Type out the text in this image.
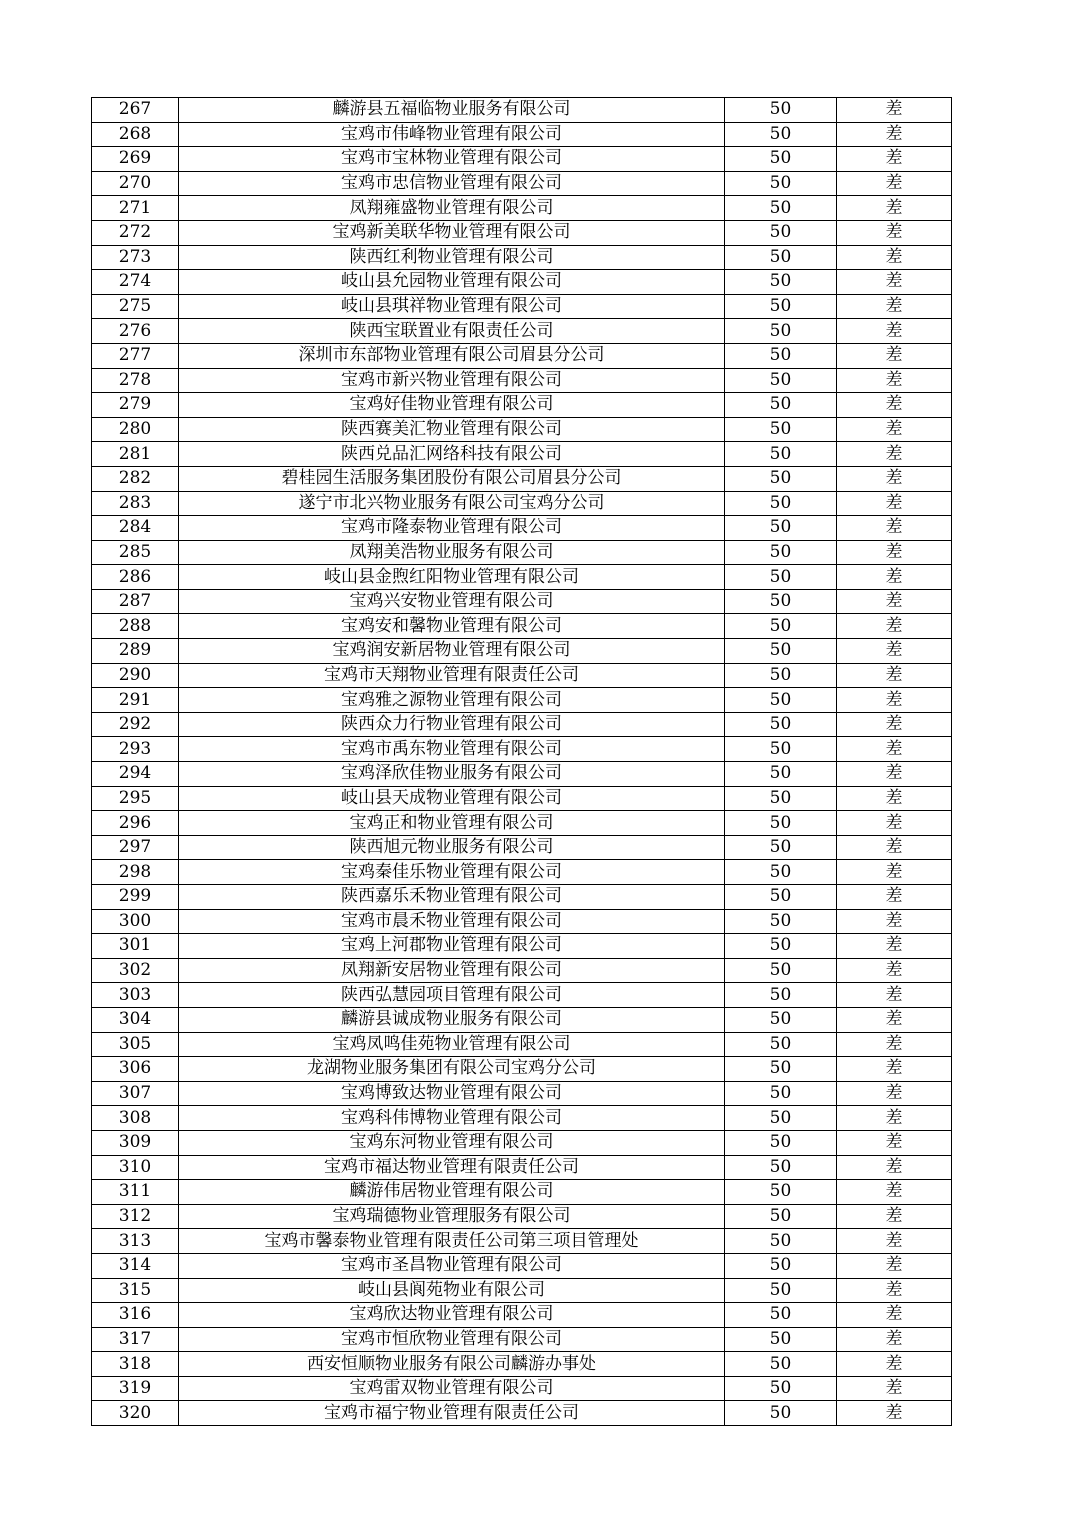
267	麟游县五福临物业服务有限公司	50	差
268	宝鸡市伟峰物业管理有限公司	50	差
269	宝鸡市宝林物业管理有限公司	50	差
270	宝鸡市忠信物业管理有限公司	50	差
271	凤翔雍盛物业管理有限公司	50	差
272	宝鸡新美联华物业管理有限公司	50	差
273	陕西红利物业管理有限公司	50	差
274	岐山县允园物业管理有限公司	50	差
275	岐山县琪祥物业管理有限公司	50	差
276	陕西宝联置业有限责任公司	50	差
277	深圳市东部物业管理有限公司眉县分公司	50	差
278	宝鸡市新兴物业管理有限公司	50	差
279	宝鸡好佳物业管理有限公司	50	差
280	陕西赛美汇物业管理有限公司	50	差
281	陕西兑品汇网络科技有限公司	50	差
282	碧桂园生活服务集团股份有限公司眉县分公司	50	差
283	遂宁市北兴物业服务有限公司宝鸡分公司	50	差
284	宝鸡市隆泰物业管理有限公司	50	差
285	凤翔美浩物业服务有限公司	50	差
286	岐山县金煦红阳物业管理有限公司	50	差
287	宝鸡兴安物业管理有限公司	50	差
288	宝鸡安和馨物业管理有限公司	50	差
289	宝鸡润安新居物业管理有限公司	50	差
290	宝鸡市天翔物业管理有限责任公司	50	差
291	宝鸡雅之源物业管理有限公司	50	差
292	陕西众力行物业管理有限公司	50	差
293	宝鸡市禹东物业管理有限公司	50	差
294	宝鸡泽欣佳物业服务有限公司	50	差
295	岐山县天成物业管理有限公司	50	差
296	宝鸡正和物业管理有限公司	50	差
297	陕西旭元物业服务有限公司	50	差
298	宝鸡秦佳乐物业管理有限公司	50	差
299	陕西嘉乐禾物业管理有限公司	50	差
300	宝鸡市晨禾物业管理有限公司	50	差
301	宝鸡上河郡物业管理有限公司	50	差
302	凤翔新安居物业管理有限公司	50	差
303	陕西弘慧园项目管理有限公司	50	差
304	麟游县诚成物业服务有限公司	50	差
305	宝鸡凤鸣佳苑物业管理有限公司	50	差
306	龙湖物业服务集团有限公司宝鸡分公司	50	差
307	宝鸡博致达物业管理有限公司	50	差
308	宝鸡科伟博物业管理有限公司	50	差
309	宝鸡东河物业管理有限公司	50	差
310	宝鸡市福达物业管理有限责任公司	50	差
311	麟游伟居物业管理有限公司	50	差
312	宝鸡瑞德物业管理服务有限公司	50	差
313	宝鸡市馨泰物业管理有限责任公司第三项目管理处	50	差
314	宝鸡市圣昌物业管理有限公司	50	差
315	岐山县阆苑物业有限公司	50	差
316	宝鸡欣达物业管理有限公司	50	差
317	宝鸡市恒欣物业管理有限公司	50	差
318	西安恒顺物业服务有限公司麟游办事处	50	差
319	宝鸡雷双物业管理有限公司	50	差
320	宝鸡市福宁物业管理有限责任公司	50	差
